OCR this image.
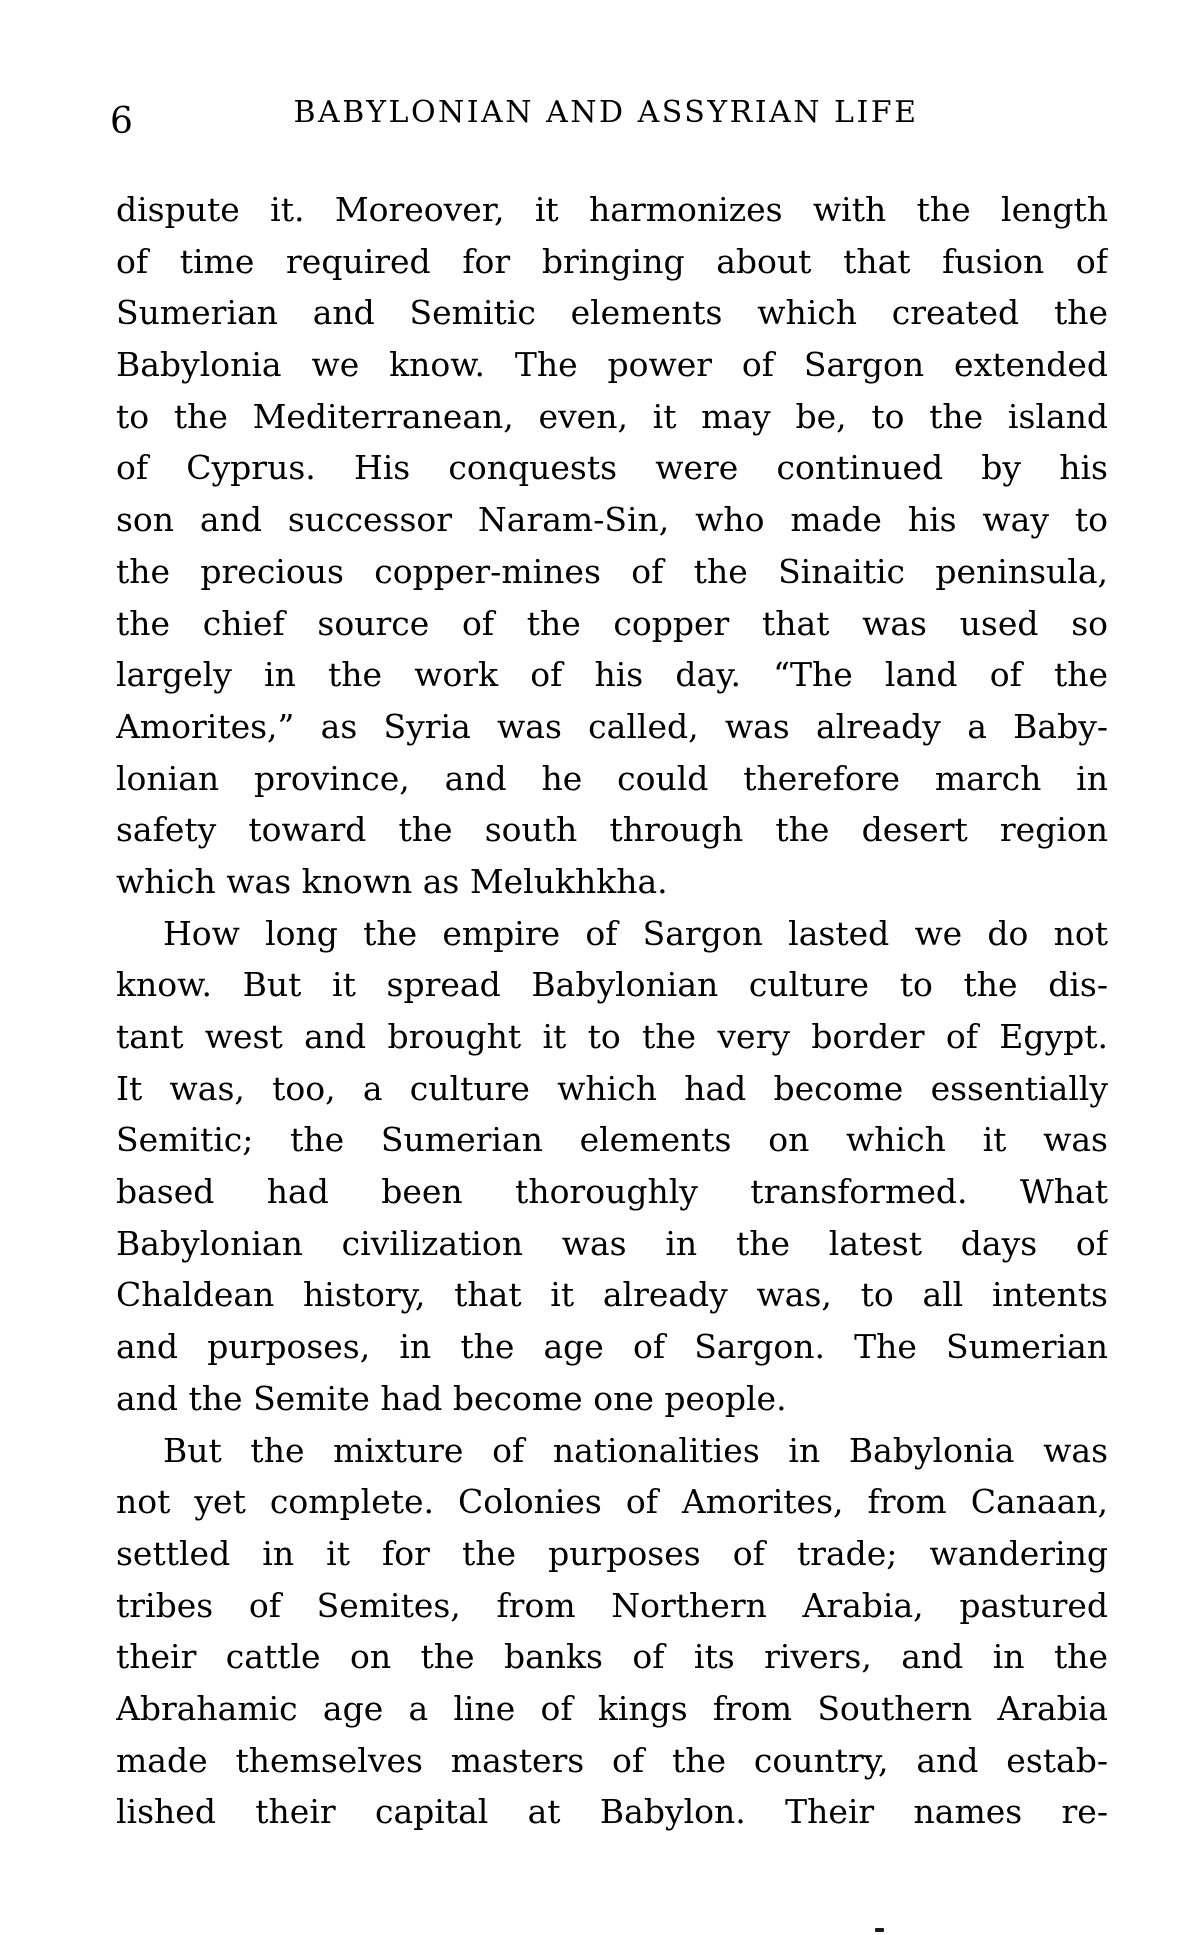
6	BABYLONIAN AND ASSYRIAN LIFE
dispute it. Moreover, it harmonizes with the length
of time required for bringing about that fusion of
Sumerian and Semitic elements which created the
Babylonia we know. The power of Sargon extended
to the Mediterranean, even, it may be, to the island
of Cyprus. His conquests were continued by his
son and successor Naram-Sin, who made his way to
the precious copper-mines of the Sinaitic peninsula,
the chief source of the copper that was used so
largely in the work of his day. “The land of the
Amorites,” as Syria was called, was already a Baby-
lonian province, and he could therefore march in
safety toward the south through the desert region
which was known as Melukhkha.
How long the empire of Sargon lasted we do not
know. But it spread Babylonian culture to the dis-
tant west and brought it to the very border of Egypt.
It was, too, a culture which had become essentially
Semitic; the Sumerian elements on which it was
based had been thoroughly transformed. What
Babylonian civilization was in the latest days of
Chaldean history, that it already was, to all intents
and purposes, in the age of Sargon. The Sumerian
and the Semite had become one people.
But the mixture of nationalities in Babylonia was
not yet complete. Colonies of Amorites, from Canaan,
settled in it for the purposes of trade; wandering
tribes of Semites, from Northern Arabia, pastured
their cattle on the banks of its rivers, and in the
Abrahamic age a line of kings from Southern Arabia
made themselves masters of the country, and estab-
lished their capital at Babylon. Their names re-
